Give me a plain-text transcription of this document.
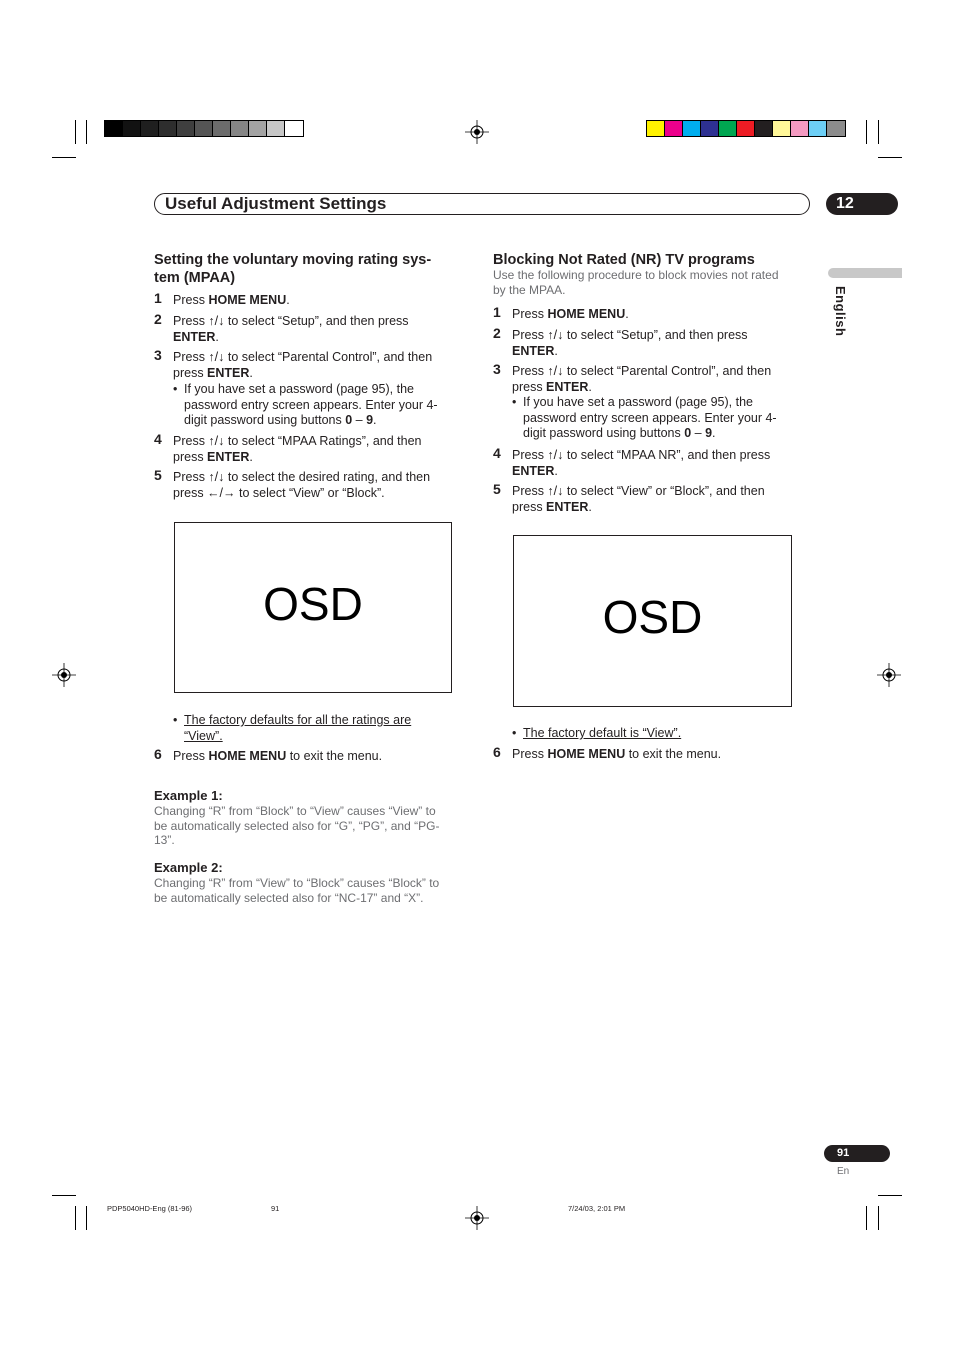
Useful Adjustment Settings	12
English
Setting the voluntary moving rating sys-
tem (MPAA)
1 Press HOME MENU.
2 Press ↑/↓ to select “Setup”, and then press
ENTER.
3 Press ↑/↓ to select “Parental Control”, and then
press ENTER.
• If you have set a password (page 95), the
password entry screen appears. Enter your 4-
digit password using buttons 0 – 9.
4 Press ↑/↓ to select “MPAA Ratings”, and then
press ENTER.
5 Press ↑/↓ to select the desired rating, and then
press ←/→ to select “View” or “Block”.
OSD
• The factory defaults for all the ratings are
“View”.
6 Press HOME MENU to exit the menu.
Example 1:
Changing “R” from “Block” to “View” causes “View” to
be automatically selected also for “G”, “PG”, and “PG-
13”.
Example 2:
Changing “R” from “View” to “Block” causes “Block” to
be automatically selected also for “NC-17” and “X”.
Blocking Not Rated (NR) TV programs
Use the following procedure to block movies not rated
by the MPAA.
1 Press HOME MENU.
2 Press ↑/↓ to select “Setup”, and then press
ENTER.
3 Press ↑/↓ to select “Parental Control”, and then
press ENTER.
• If you have set a password (page 95), the
password entry screen appears. Enter your 4-
digit password using buttons 0 – 9.
4 Press ↑/↓ to select “MPAA NR”, and then press
ENTER.
5 Press ↑/↓ to select “View” or “Block”, and then
press ENTER.
OSD
• The factory default is “View”.
6 Press HOME MENU to exit the menu.
91
En
PDP5040HD-Eng (81-96)	91	7/24/03, 2:01 PM
